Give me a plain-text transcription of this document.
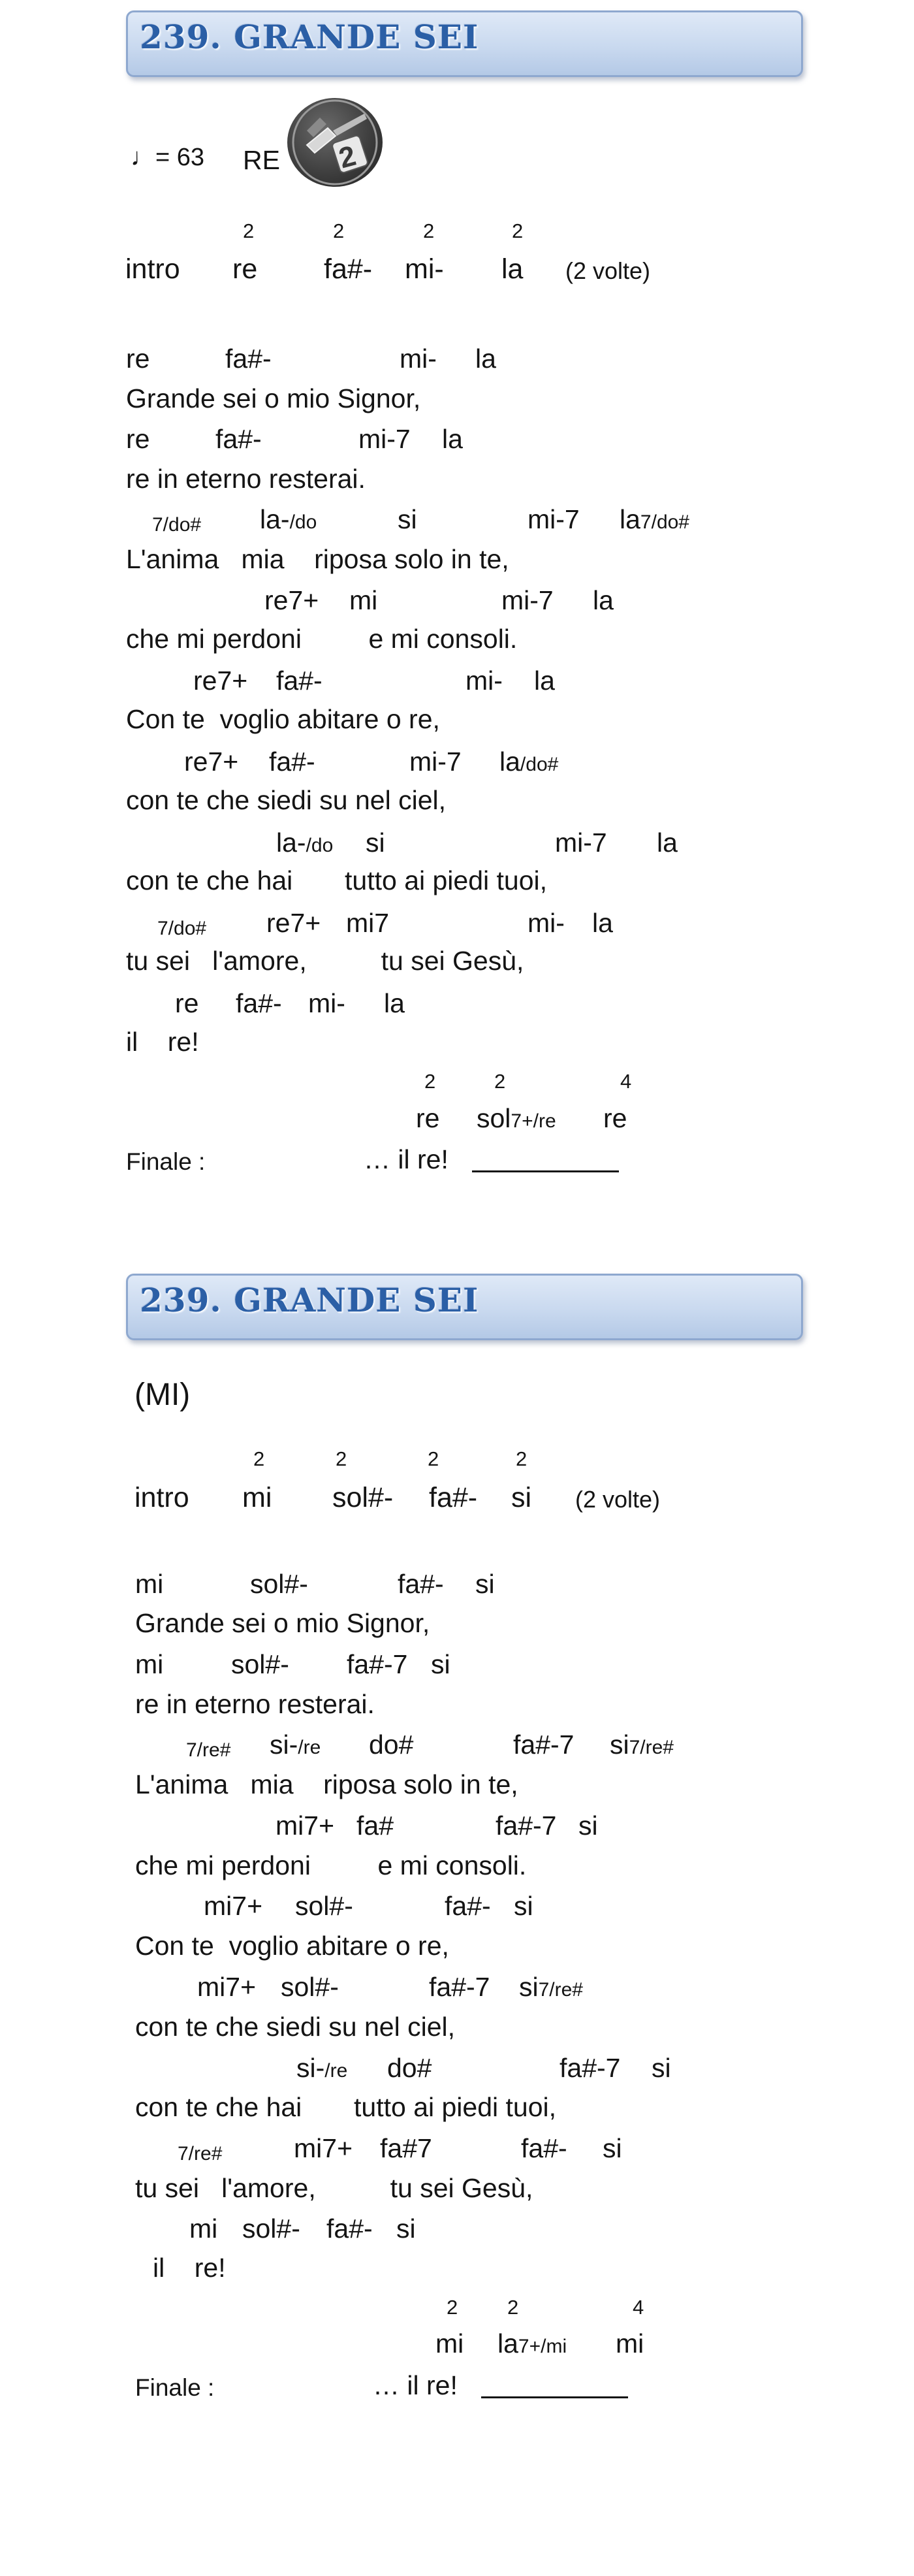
239. GRANDE SEI
♩= 63 RE 2
2	2	2	2
intro re fa#- mi- la (2 volte)
re	fa#-	mi- la

Grande sei o mio Signor,

re fa#-	mi-7 la

re in eterno resterai.

7/do# la-/do	si	mi-7 la7/do#

L'anima   mia    riposa solo in te,

re7+ mi	mi-7 la

che mi perdoni         e mi consoli.

re7+ fa#-	mi- la

Con te  voglio abitare o re,

re7+ fa#-	mi-7 la/do#

con te che siedi su nel ciel,

la-/do si	mi-7 la

con te che hai       tutto ai piedi tuoi,

7/do# re7+ mi7	mi- la

tu sei   l'amore,          tu sei Gesù,

re fa#- mi- la

il    re!

2	2	4
re sol7+/re re
Finale :	… il re!
239. GRANDE SEI
(MI)
2	2	2	2
intro mi sol#- fa#- si (2 volte)
mi	sol#-	fa#- si

Grande sei o mio Signor,

mi	sol#- fa#-7 si

re in eterno resterai.

7/re# si-/re do#	fa#-7 si7/re#

L'anima   mia    riposa solo in te,

mi7+ fa#	fa#-7 si

che mi perdoni         e mi consoli.

mi7+ sol#-	fa#- si

Con te  voglio abitare o re,

mi7+ sol#-	fa#-7 si7/re#

con te che siedi su nel ciel,

si-/re do#	fa#-7 si

con te che hai       tutto ai piedi tuoi,

7/re#	mi7+ fa#7	fa#- si

tu sei   l'amore,          tu sei Gesù,

mi sol#- fa#- si

il    re!

2 2	4
mi la7+/mi mi
Finale :	… il re!
